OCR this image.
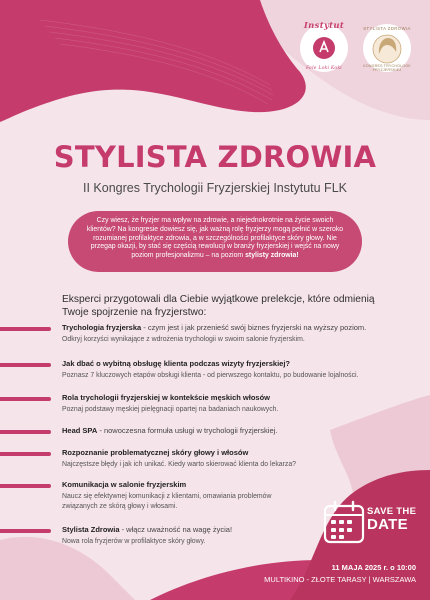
Instytut
Fele Loki Koki
STYLISTA ZDROWIA
KONGRES TRYCHOLOGII FRYZJERSKIEJ
STYLISTA ZDROWIA
II Kongres Trychologii Fryzjerskiej Instytutu FLK
Czy wiesz, że fryzjer ma wpływ na zdrowie, a niejednokrotnie na życie swoich klientów? Na kongresie dowiesz się, jak ważną rolę fryzjerzy mogą pełnić w szeroko rozumianej profilaktyce zdrowia, a w szczególności profilaktyce skóry głowy. Nie przegap okazji, by stać się częścią rewolucji w branży fryzjerskiej i wejść na nowy poziom profesjonalizmu – na poziom stylisty zdrowia!
Eksperci przygotowali dla Ciebie wyjątkowe prelekcje, które odmienią Twoje spojrzenie na fryzjerstwo:
Trychologia fryzjerska - czym jest i jak przenieść swój biznes fryzjerski na wyższy poziom.
Odkryj korzyści wynikające z wdrożenia trychologii w swoim salonie fryzjerskim.
Jak dbać o wybitną obsługę klienta podczas wizyty fryzjerskiej?
Poznasz 7 kluczowych etapów obsługi klienta - od pierwszego kontaktu, po budowanie lojalności.
Rola trychologii fryzjerskiej w kontekście męskich włosów
Poznaj podstawy męskiej pielęgnacji opartej na badaniach naukowych.
Head SPA - nowoczesna formuła usługi w trychologii fryzjerskiej.
Rozpoznanie problematycznej skóry głowy i włosów
Najczęstsze błędy i jak ich unikać. Kiedy warto skierować klienta do lekarza?
Komunikacja w salonie fryzjerskim
Naucz się efektywnej komunikacji z klientami, omawiania problemów
związanych ze skórą głowy i włosami.
Stylista Zdrowia - włącz uważność na wagę życia!
Nowa rola fryzjerów w profilaktyce skóry głowy.
SAVE THE
DATE
11 MAJA 2025 r. o 10:00
MULTIKINO - ZŁOTE TARASY | WARSZAWA
